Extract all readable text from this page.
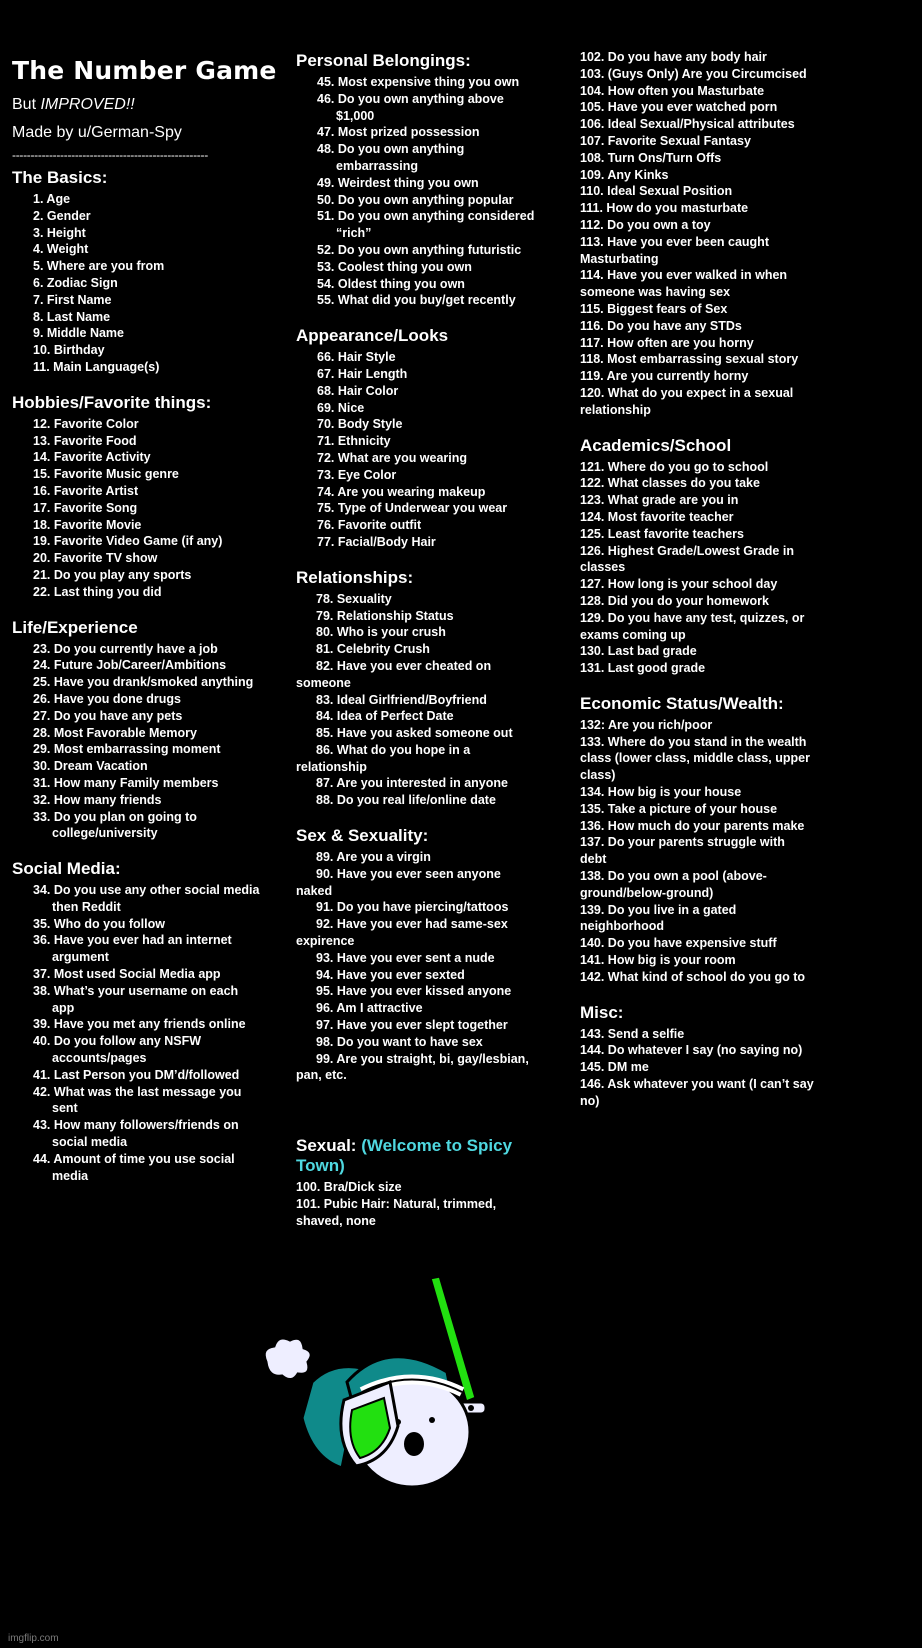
The Number Game
But IMPROVED!!
Made by u/German-Spy
-----------------------------------------------------
The Basics:
1. Age
2. Gender
3. Height
4. Weight
5. Where are you from
6. Zodiac Sign
7. First Name
8. Last Name
9. Middle Name
10. Birthday
11. Main Language(s)
Hobbies/Favorite things:
12. Favorite Color
13. Favorite Food
14. Favorite Activity
15. Favorite Music genre
16. Favorite Artist
17. Favorite Song
18. Favorite Movie
19. Favorite Video Game (if any)
20. Favorite TV show
21. Do you play any sports
22. Last thing you did
Life/Experience
23. Do you currently have a job
24. Future Job/Career/Ambitions
25. Have you drank/smoked anything
26. Have you done drugs
27. Do you have any pets
28. Most Favorable Memory
29. Most embarrassing moment
30. Dream Vacation
31. How many Family members
32. How many friends
33. Do you plan on going to college/university
Social Media:
34. Do you use any other social media then Reddit
35. Who do you follow
36. Have you ever had an internet argument
37. Most used Social Media app
38. What’s your username on each app
39. Have you met any friends online
40. Do you follow any NSFW accounts/pages
41. Last Person you DM’d/followed
42. What was the last message you sent
43. How many followers/friends on social media
44. Amount of time you use social media
Personal Belongings:
45. Most expensive thing you own
46. Do you own anything above $1,000
47. Most prized possession
48. Do you own anything embarrassing
49. Weirdest thing you own
50. Do you own anything popular
51. Do you own anything considered “rich”
52. Do you own anything futuristic
53. Coolest thing you own
54. Oldest thing you own
55. What did you buy/get recently
Appearance/Looks
66. Hair Style
67. Hair Length
68. Hair Color
69. Nice
70. Body Style
71. Ethnicity
72. What are you wearing
73. Eye Color
74. Are you wearing makeup
75. Type of Underwear you wear
76. Favorite outfit
77. Facial/Body Hair
Relationships:
78. Sexuality
79. Relationship Status
80. Who is your crush
81. Celebrity Crush
82. Have you ever cheated on someone
83. Ideal Girlfriend/Boyfriend
84. Idea of Perfect Date
85. Have you asked someone out
86. What do you hope in a relationship
87. Are you interested in anyone
88. Do you real life/online date
Sex & Sexuality:
89. Are you a virgin
90. Have you ever seen anyone naked
91. Do you have piercing/tattoos
92. Have you ever had same-sex expirence
93. Have you ever sent a nude
94. Have you ever sexted
95. Have you ever kissed anyone
96. Am I attractive
97. Have you ever slept together
98. Do you want to have sex
99. Are you straight, bi, gay/lesbian, pan, etc.
Sexual: (Welcome to Spicy Town)
100. Bra/Dick size
101. Pubic Hair: Natural, trimmed, shaved, none
102. Do you have any body hair
103. (Guys Only) Are you Circumcised
104. How often you Masturbate
105. Have you ever watched porn
106. Ideal Sexual/Physical attributes
107. Favorite Sexual Fantasy
108. Turn Ons/Turn Offs
109. Any Kinks
110. Ideal Sexual Position
111. How do you masturbate
112. Do you own a toy
113. Have you ever been caught Masturbating
114. Have you ever walked in when someone was having sex
115. Biggest fears of Sex
116. Do you have any STDs
117. How often are you horny
118. Most embarrassing sexual story
119. Are you currently horny
120. What do you expect in a sexual relationship
Academics/School
121. Where do you go to school
122. What classes do you take
123. What grade are you in
124. Most favorite teacher
125. Least favorite teachers
126. Highest Grade/Lowest Grade in classes
127. How long is your school day
128. Did you do your homework
129. Do you have any test, quizzes, or exams coming up
130. Last bad grade
131. Last good grade
Economic Status/Wealth:
132: Are you rich/poor
133. Where do you stand in the wealth class (lower class, middle class, upper class)
134. How big is your house
135. Take a picture of your house
136. How much do your parents make
137. Do your parents struggle with debt
138. Do you own a pool (above-ground/below-ground)
139. Do you live in a gated neighborhood
140. Do you have expensive stuff
141. How big is your room
142. What kind of school do you go to
Misc:
143. Send a selfie
144. Do whatever I say (no saying no)
145. DM me
146. Ask whatever you want (I can’t say no)
imgflip.com
